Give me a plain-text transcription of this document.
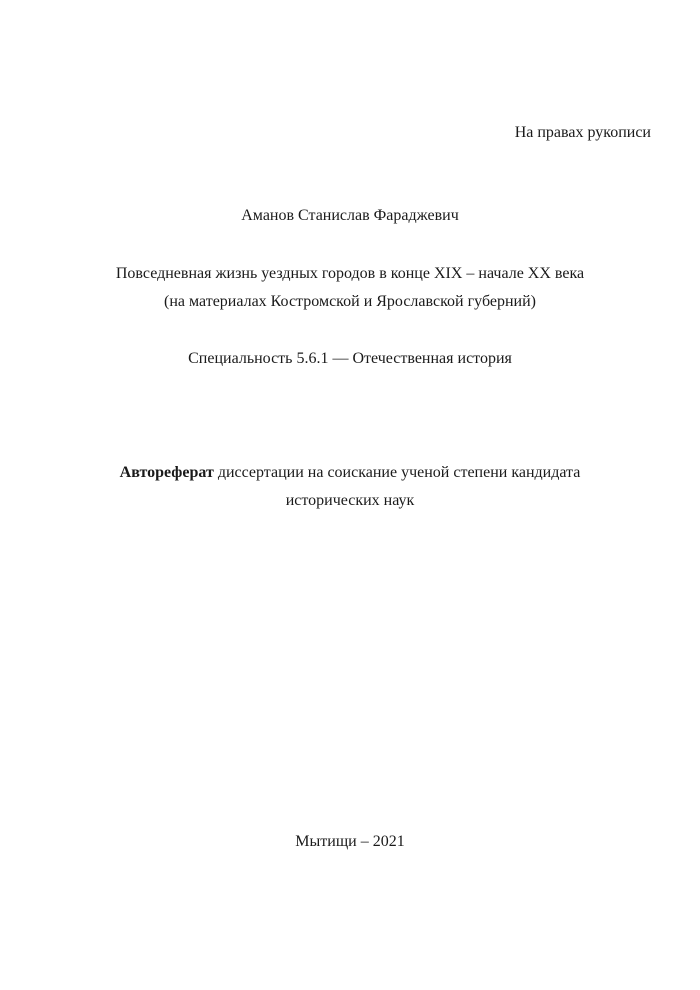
На правах рукописи
Аманов Станислав Фараджевич
Повседневная жизнь уездных городов в конце XIX – начале XX века
(на материалах Костромской и Ярославской губерний)
Специальность 5.6.1 — Отечественная история
Автореферат диссертации на соискание ученой степени кандидата
исторических наук
Мытищи – 2021
